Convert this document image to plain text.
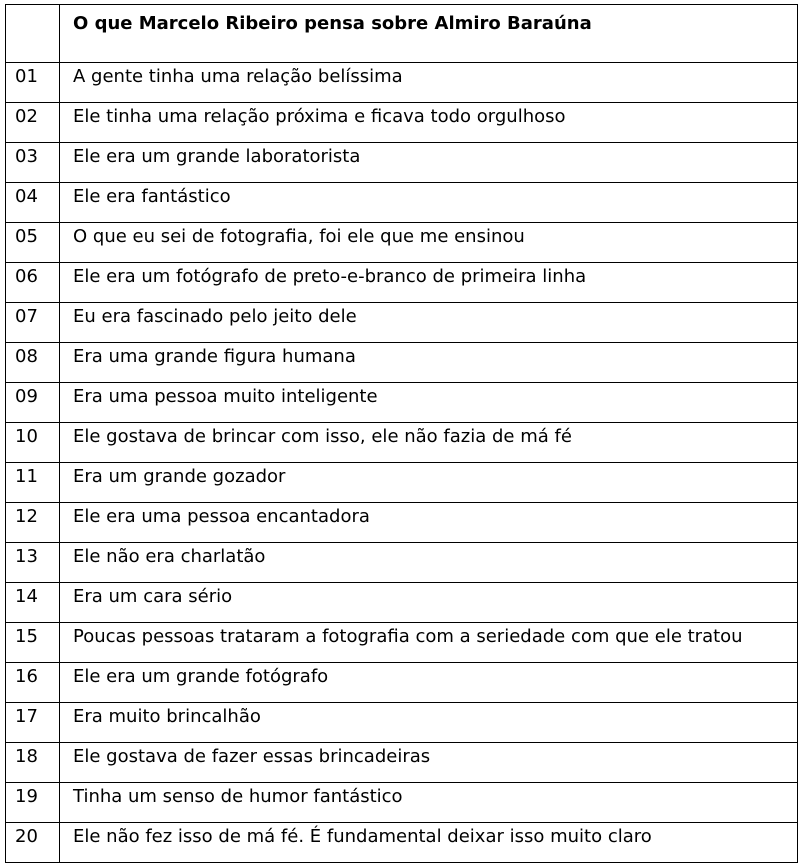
	O que Marcelo Ribeiro pensa sobre Almiro Baraúna
01	A gente tinha uma relação belíssima
02	Ele tinha uma relação próxima e ficava todo orgulhoso
03	Ele era um grande laboratorista
04	Ele era fantástico
05	O que eu sei de fotografia, foi ele que me ensinou
06	Ele era um fotógrafo de preto-e-branco de primeira linha
07	Eu era fascinado pelo jeito dele
08	Era uma grande figura humana
09	Era uma pessoa muito inteligente
10	Ele gostava de brincar com isso, ele não fazia de má fé
11	Era um grande gozador
12	Ele era uma pessoa encantadora
13	Ele não era charlatão
14	Era um cara sério
15	Poucas pessoas trataram a fotografia com a seriedade com que ele tratou
16	Ele era um grande fotógrafo
17	Era muito brincalhão
18	Ele gostava de fazer essas brincadeiras
19	Tinha um senso de humor fantástico
20	Ele não fez isso de má fé. É fundamental deixar isso muito claro
